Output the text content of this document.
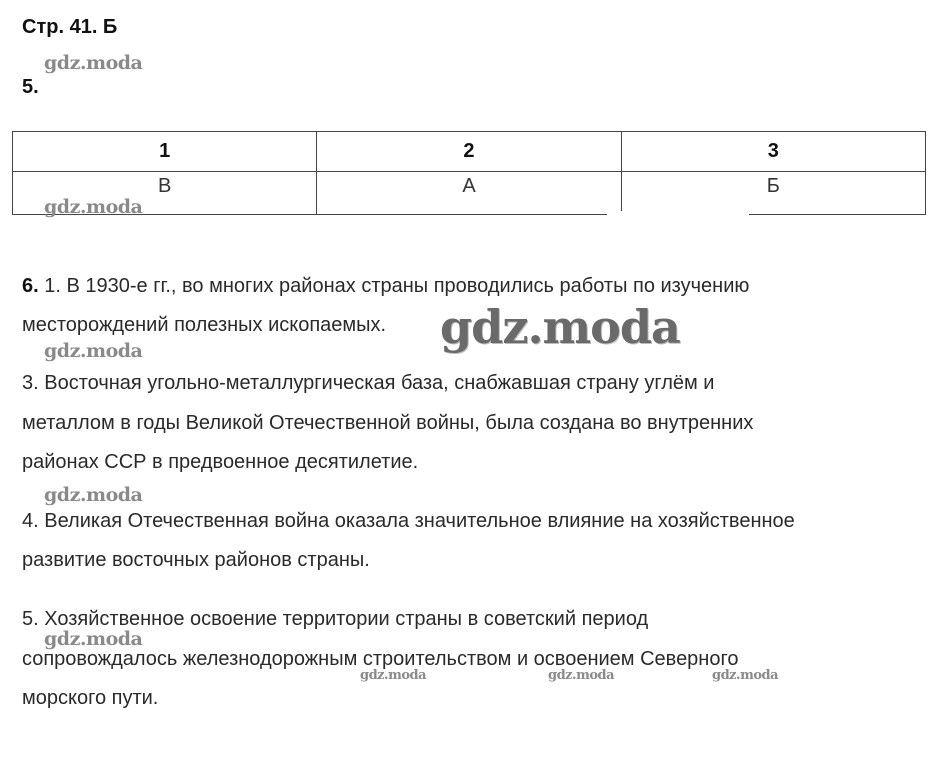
Стр. 41. Б
5.
1	2	3
В	А	Б
6. 1. В 1930-е гг., во многих районах страны проводились работы по изучению
месторождений полезных ископаемых.
3. Восточная угольно-металлургическая база, снабжавшая страну углём и
металлом в годы Великой Отечественной войны, была создана во внутренних
районах ССР в предвоенное десятилетие.
4. Великая Отечественная война оказала значительное влияние на хозяйственное
развитие восточных районов страны.
5. Хозяйственное освоение территории страны в советский период
сопровождалось железнодорожным строительством и освоением Северного
морского пути.
gdz.moda
gdz.moda
gdz.moda
gdz.moda
gdz.moda
gdz.moda
gdz.moda	gdz.moda	gdz.moda
